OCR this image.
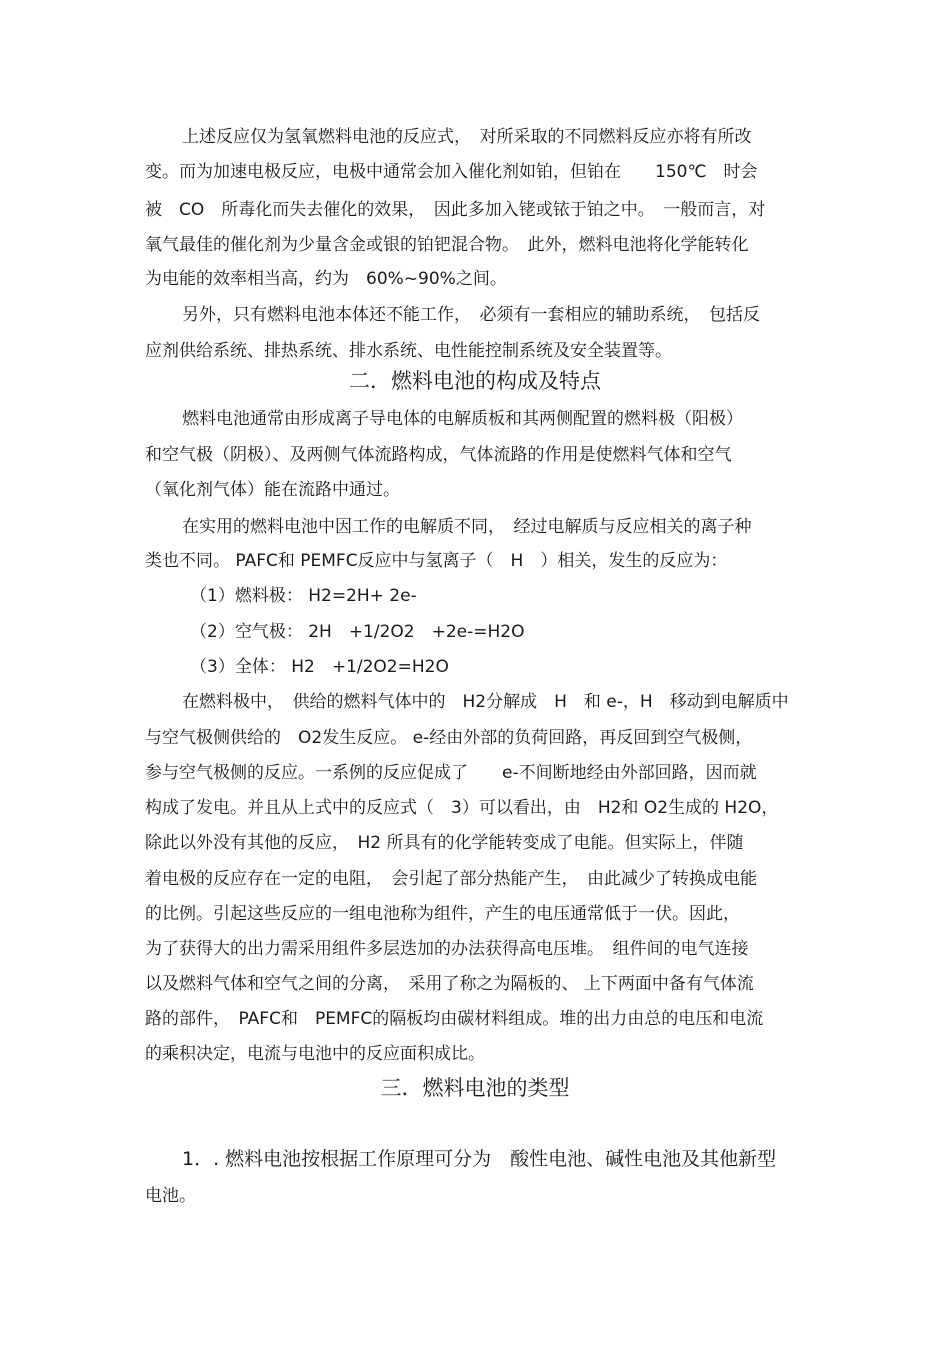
上述反应仅为氢氧燃料电池的反应式，　对所采取的不同燃料反应亦将有所改
变。而为加速电极反应，电极中通常会加入催化剂如铂，但铂在　　150℃　时会
被　CO　所毒化而失去催化的效果，　因此多加入铑或铱于铂之中。　一般而言，对
氧气最佳的催化剂为少量含金或银的铂钯混合物。　此外，燃料电池将化学能转化
为电能的效率相当高，约为　60%~90%之间。
另外，只有燃料电池本体还不能工作，　必须有一套相应的辅助系统，　包括反
应剂供给系统、排热系统、排水系统、电性能控制系统及安全装置等。
二．燃料电池的构成及特点
燃料电池通常由形成离子导电体的电解质板和其两侧配置的燃料极（阳极）
和空气极（阴极）、及两侧气体流路构成，气体流路的作用是使燃料气体和空气
（氧化剂气体）能在流路中通过。
在实用的燃料电池中因工作的电解质不同，　经过电解质与反应相关的离子种
类也不同。 PAFC和 PEMFC反应中与氢离子（　H　）相关，发生的反应为：
（1）燃料极： H2=2H+ 2e-
（2）空气极： 2H　+1/2O2　+2e-=H2O
（3）全体： H2　+1/2O2=H2O
在燃料极中，　供给的燃料气体中的　H2分解成　H　和 e-，H　移动到电解质中
与空气极侧供给的　O2发生反应。 e-经由外部的负荷回路，再反回到空气极侧，
参与空气极侧的反应。一系例的反应促成了　　e-不间断地经由外部回路，因而就
构成了发电。并且从上式中的反应式（　3）可以看出，由　H2和 O2生成的 H2O，
除此以外没有其他的反应，　H2 所具有的化学能转变成了电能。但实际上，伴随
着电极的反应存在一定的电阻，　会引起了部分热能产生，　由此减少了转换成电能
的比例。引起这些反应的一组电池称为组件，产生的电压通常低于一伏。因此，
为了获得大的出力需采用组件多层迭加的办法获得高电压堆。　组件间的电气连接
以及燃料气体和空气之间的分离，　采用了称之为隔板的、 上下两面中备有气体流
路的部件，　PAFC和　PEMFC的隔板均由碳材料组成。堆的出力由总的电压和电流
的乘积决定，电流与电池中的反应面积成比。
三．燃料电池的类型
1．. 燃料电池按根据工作原理可分为　酸性电池、碱性电池及其他新型
电池。
